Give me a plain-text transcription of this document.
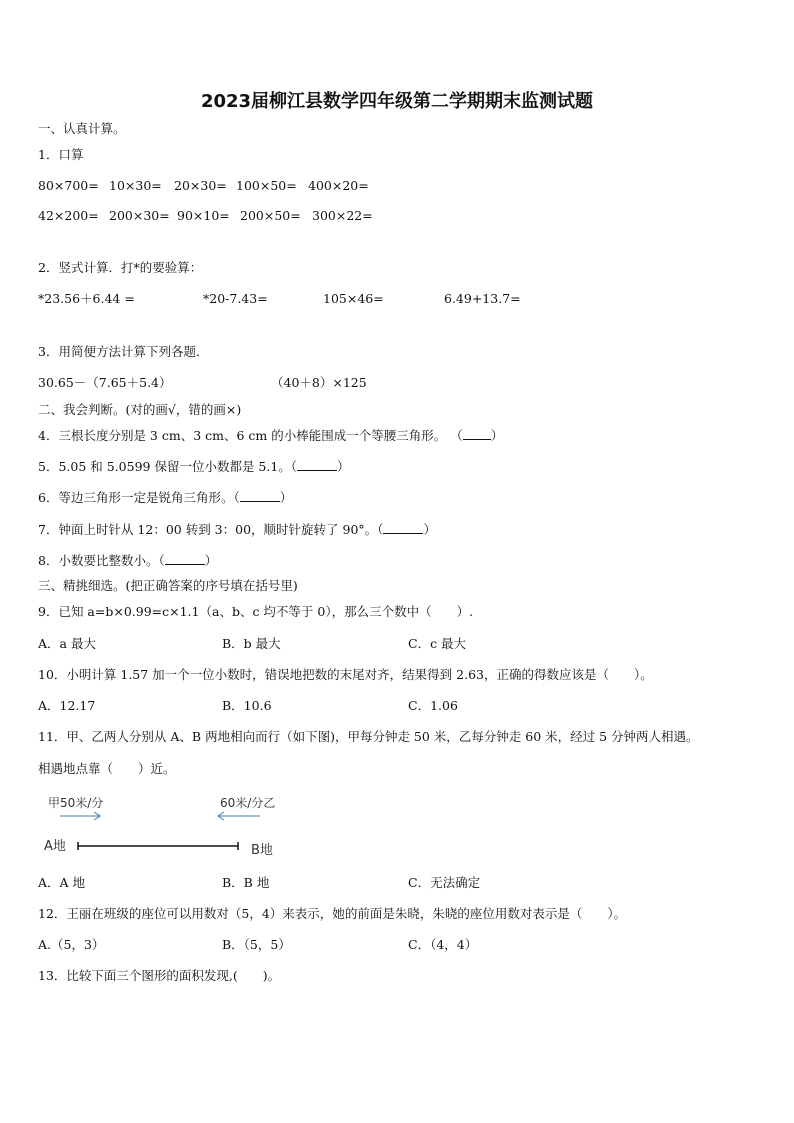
2023届柳江县数学四年级第二学期期末监测试题
一、认真计算。
1．口算
80×700= 10×30= 20×30= 100×50= 400×20=
42×200= 200×30= 90×10= 200×50= 300×22=
2．竖式计算．打*的要验算：
*23.56＋6.44 =	*20-7.43=	105×46=	6.49+13.7=
3．用简便方法计算下列各题．
30.65－（7.65＋5.4）	（40＋8）×125
二、我会判断。(对的画√，错的画×)
4．三根长度分别是 3 cm、3 cm、6 cm 的小棒能围成一个等腰三角形。 （ ）
5．5.05 和 5.0599 保留一位小数都是 5.1。（	）
6．等边三角形一定是锐角三角形。（	）
7．钟面上时针从 12：00 转到 3：00，顺时针旋转了 90°。（	）
8．小数要比整数小。（	）
三、精挑细选。(把正确答案的序号填在括号里)
9．已知 a=b×0.99=c×1.1（a、b、c 均不等于 0），那么三个数中（　　）.
A．a 最大	B．b 最大	C．c 最大
10．小明计算 1.57 加一个一位小数时，错误地把数的末尾对齐，结果得到 2.63，正确的得数应该是（　　）。
A．12.17	B．10.6	C．1.06
11．甲、乙两人分别从 A、B 两地相向而行（如下图)，甲每分钟走 50 米，乙每分钟走 60 米，经过 5 分钟两人相遇。
相遇地点靠（　　）近。
甲50米/分	60米/分乙
A地	B地
A．A 地	B．B 地	C．无法确定
12．王丽在班级的座位可以用数对（5，4）来表示，她的前面是朱晓，朱晓的座位用数对表示是（　　）。
A.（5，3）	B．（5，5）	C．（4，4）
13．比较下面三个图形的面积发现,(　　)。
